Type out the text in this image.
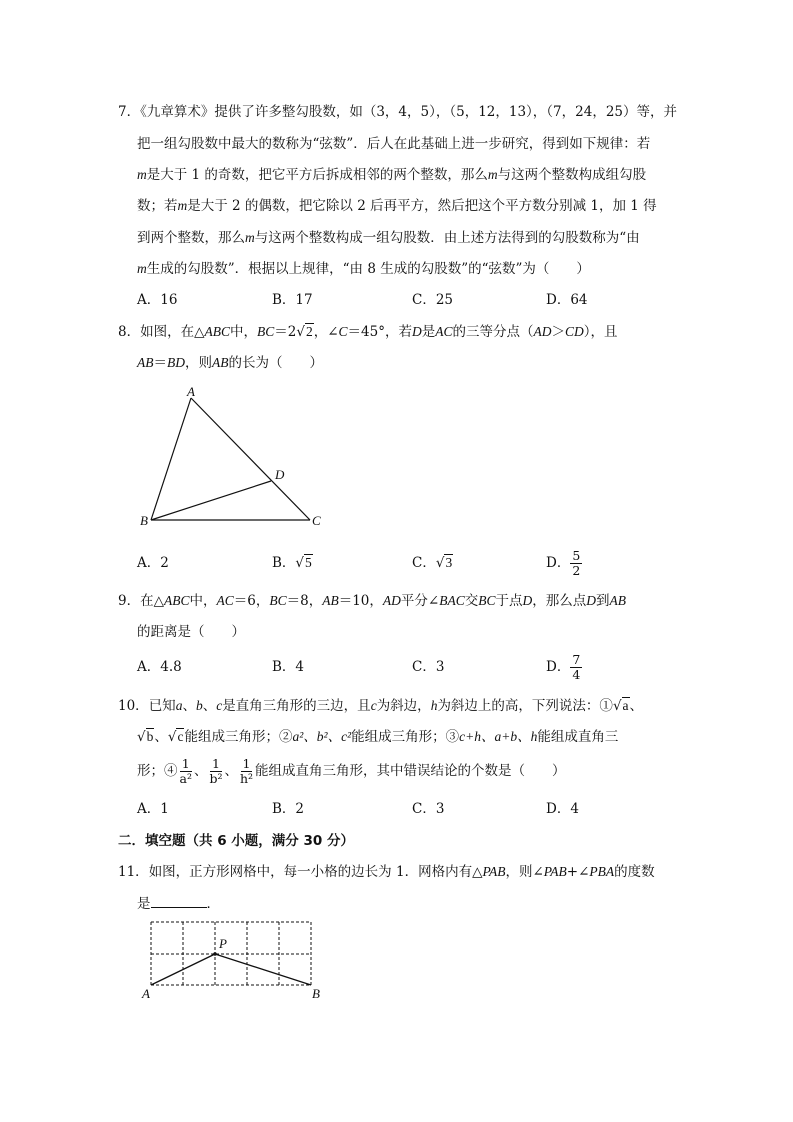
7．《九章算术》提供了许多整勾股数，如（3，4，5），（5，12，13），（7，24，25）等，并
把一组勾股数中最大的数称为“弦数”．后人在此基础上进一步研究，得到如下规律：若
m是大于 1 的奇数，把它平方后拆成相邻的两个整数，那么m与这两个整数构成组勾股
数；若m是大于 2 的偶数，把它除以 2 后再平方，然后把这个平方数分别减 1，加 1 得
到两个整数，那么m与这两个整数构成一组勾股数．由上述方法得到的勾股数称为“由
m生成的勾股数”．根据以上规律，“由 8 生成的勾股数”的“弦数”为（　　）
A．16	B．17	C．25	D．64
8．如图，在△ABC中，BC＝2√2，∠C＝45°，若D是AC的三等分点（AD＞CD），且
AB＝BD，则AB的长为（　　）
A
B	C
D
A．2	B．√5	C．√3	D． $\frac{5}{2}$
9．在△ABC中，AC＝6，BC＝8，AB＝10，AD平分∠BAC交BC于点D，那么点D到AB
的距离是（　　）
A．4.8	B．4	C．3	D． $\frac{7}{4}$
10．已知a、b、c是直角三角形的三边，且c为斜边，h为斜边上的高，下列说法：①√a、
√b、√c能组成三角形；②a²、b²、c²能组成三角形；③c+h、a+b、h能组成直角三
形；④ $\frac{1}{\text{a²}}$ 、 $\frac{1}{\text{b²}}$ 、 $\frac{1}{\text{h²}}$ 能组成直角三角形，其中错误结论的个数是（　　）
A．1	B．2	C．3	D．4
二．填空题（共 6 小题，满分 30 分）
11．如图，正方形网格中，每一小格的边长为 1．网格内有△PAB，则∠PAB+∠PBA的度数
是	．
P
A	B
